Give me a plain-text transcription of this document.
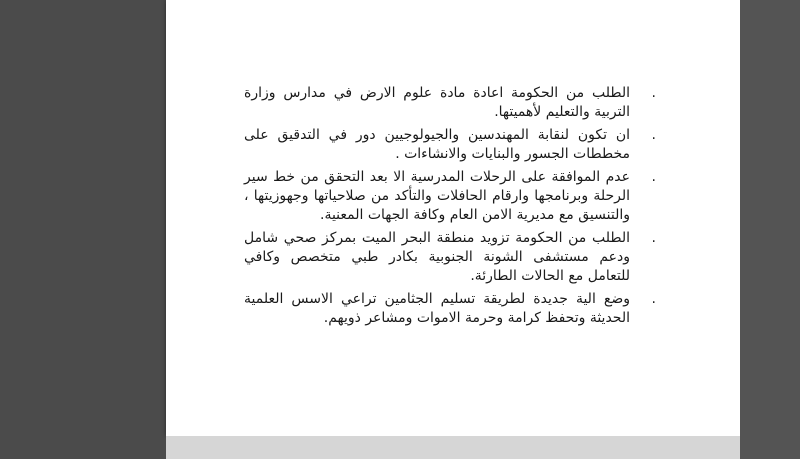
.
الطلب من الحكومة اعادة مادة علوم الارض في مدارس وزارة التربية والتعليم لأهميتها.
.
ان تكون لنقابة المهندسين والجيولوجيين دور في التدقيق على مخططات الجسور والبنايات والانشاءات .
.
عدم الموافقة على الرحلات المدرسية الا بعد التحقق من خط سير الرحلة وبرنامجها وارقام الحافلات والتأكد من صلاحياتها وجهوزيتها ، والتنسيق مع مديرية الامن العام وكافة الجهات المعنية.
.
الطلب من الحكومة تزويد منطقة البحر الميت بمركز صحي شامل ودعم مستشفى الشونة الجنوبية بكادر طبي متخصص وكافي للتعامل مع الحالات الطارئة.
.
وضع الية جديدة لطريقة تسليم الجثامين تراعي الاسس العلمية الحديثة وتحفظ كرامة وحرمة الاموات ومشاعر ذويهم.
